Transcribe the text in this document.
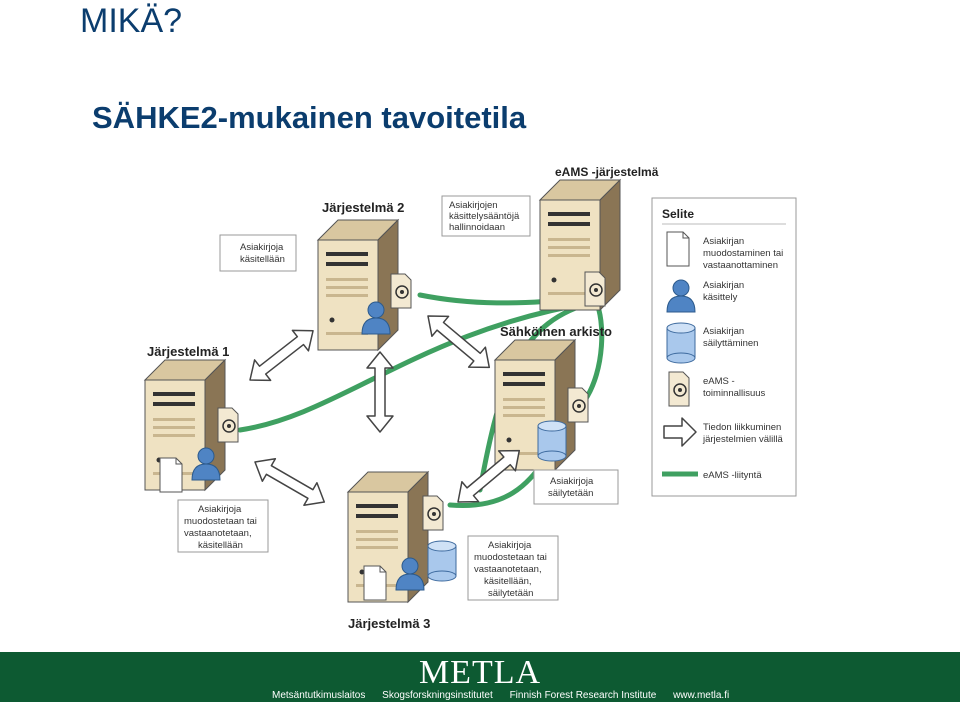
MIKÄ?
SÄHKE2-mukainen tavoitetila
eAMS -järjestelmä
Järjestelmä 2
Järjestelmä 1
Sähköinen arkisto
Järjestelmä 3
Asiakirjojen
käsittelysääntöjä
hallinnoidaan
Asiakirjoja
käsitellään
Asiakirjoja
muodostetaan tai
vastaanotetaan,
käsitellään	Asiakirjoja
muodostetaan tai
vastaanotetaan,
käsitellään,
säilytetään
Asiakirjoja
säilytetään
Selite
Asiakirjan
muodostaminen tai
vastaanottaminen
Asiakirjan
käsittely
Asiakirjan
säilyttäminen
eAMS -
toiminnallisuus
Tiedon liikkuminen
järjestelmien välillä
eAMS -liityntä
METLA
Metsäntutkimuslaitos Skogsforskningsinstitutet Finnish Forest Research Institute www.metla.fi
